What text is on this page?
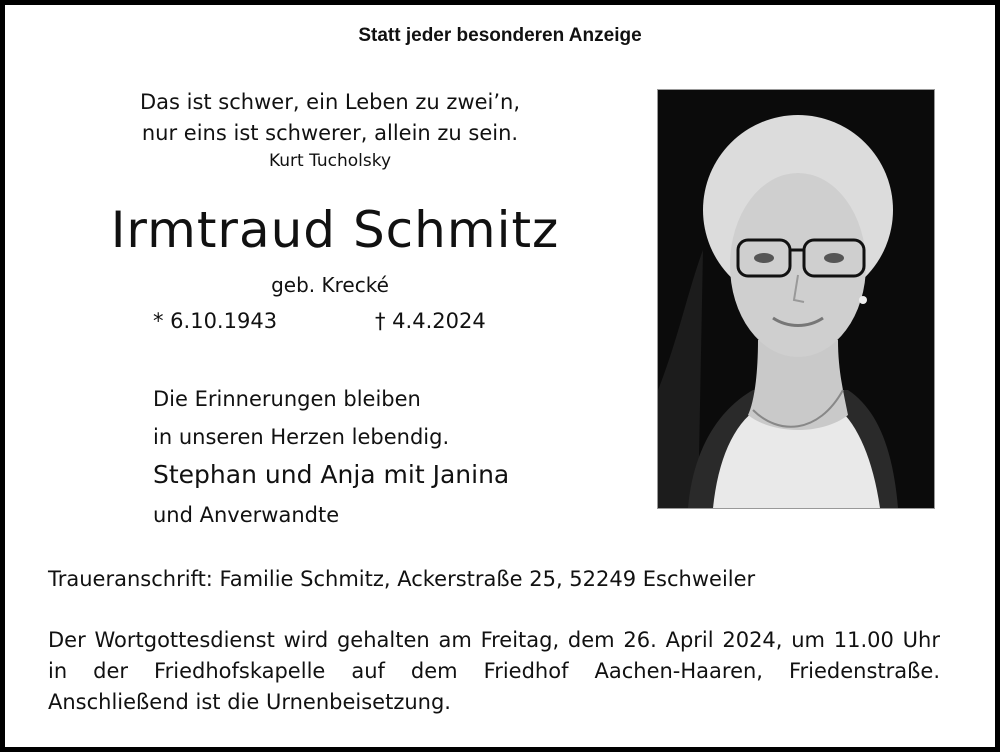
Statt jeder besonderen Anzeige
Das ist schwer, ein Leben zu zwei’n,
nur eins ist schwerer, allein zu sein.
Kurt Tucholsky
Irmtraud Schmitz
geb. Krecké
* 6.10.1943	† 4.4.2024
Die Erinnerungen bleiben
in unseren Herzen lebendig.
Stephan und Anja mit Janina
und Anverwandte
Traueranschrift: Familie Schmitz, Ackerstraße 25, 52249 Eschweiler
Der Wortgottesdienst wird gehalten am Freitag, dem 26. April 2024, um 11.00 Uhr in der Friedhofskapelle auf dem Friedhof Aachen-Haaren, Friedenstraße. Anschließend ist die Urnenbeisetzung.
